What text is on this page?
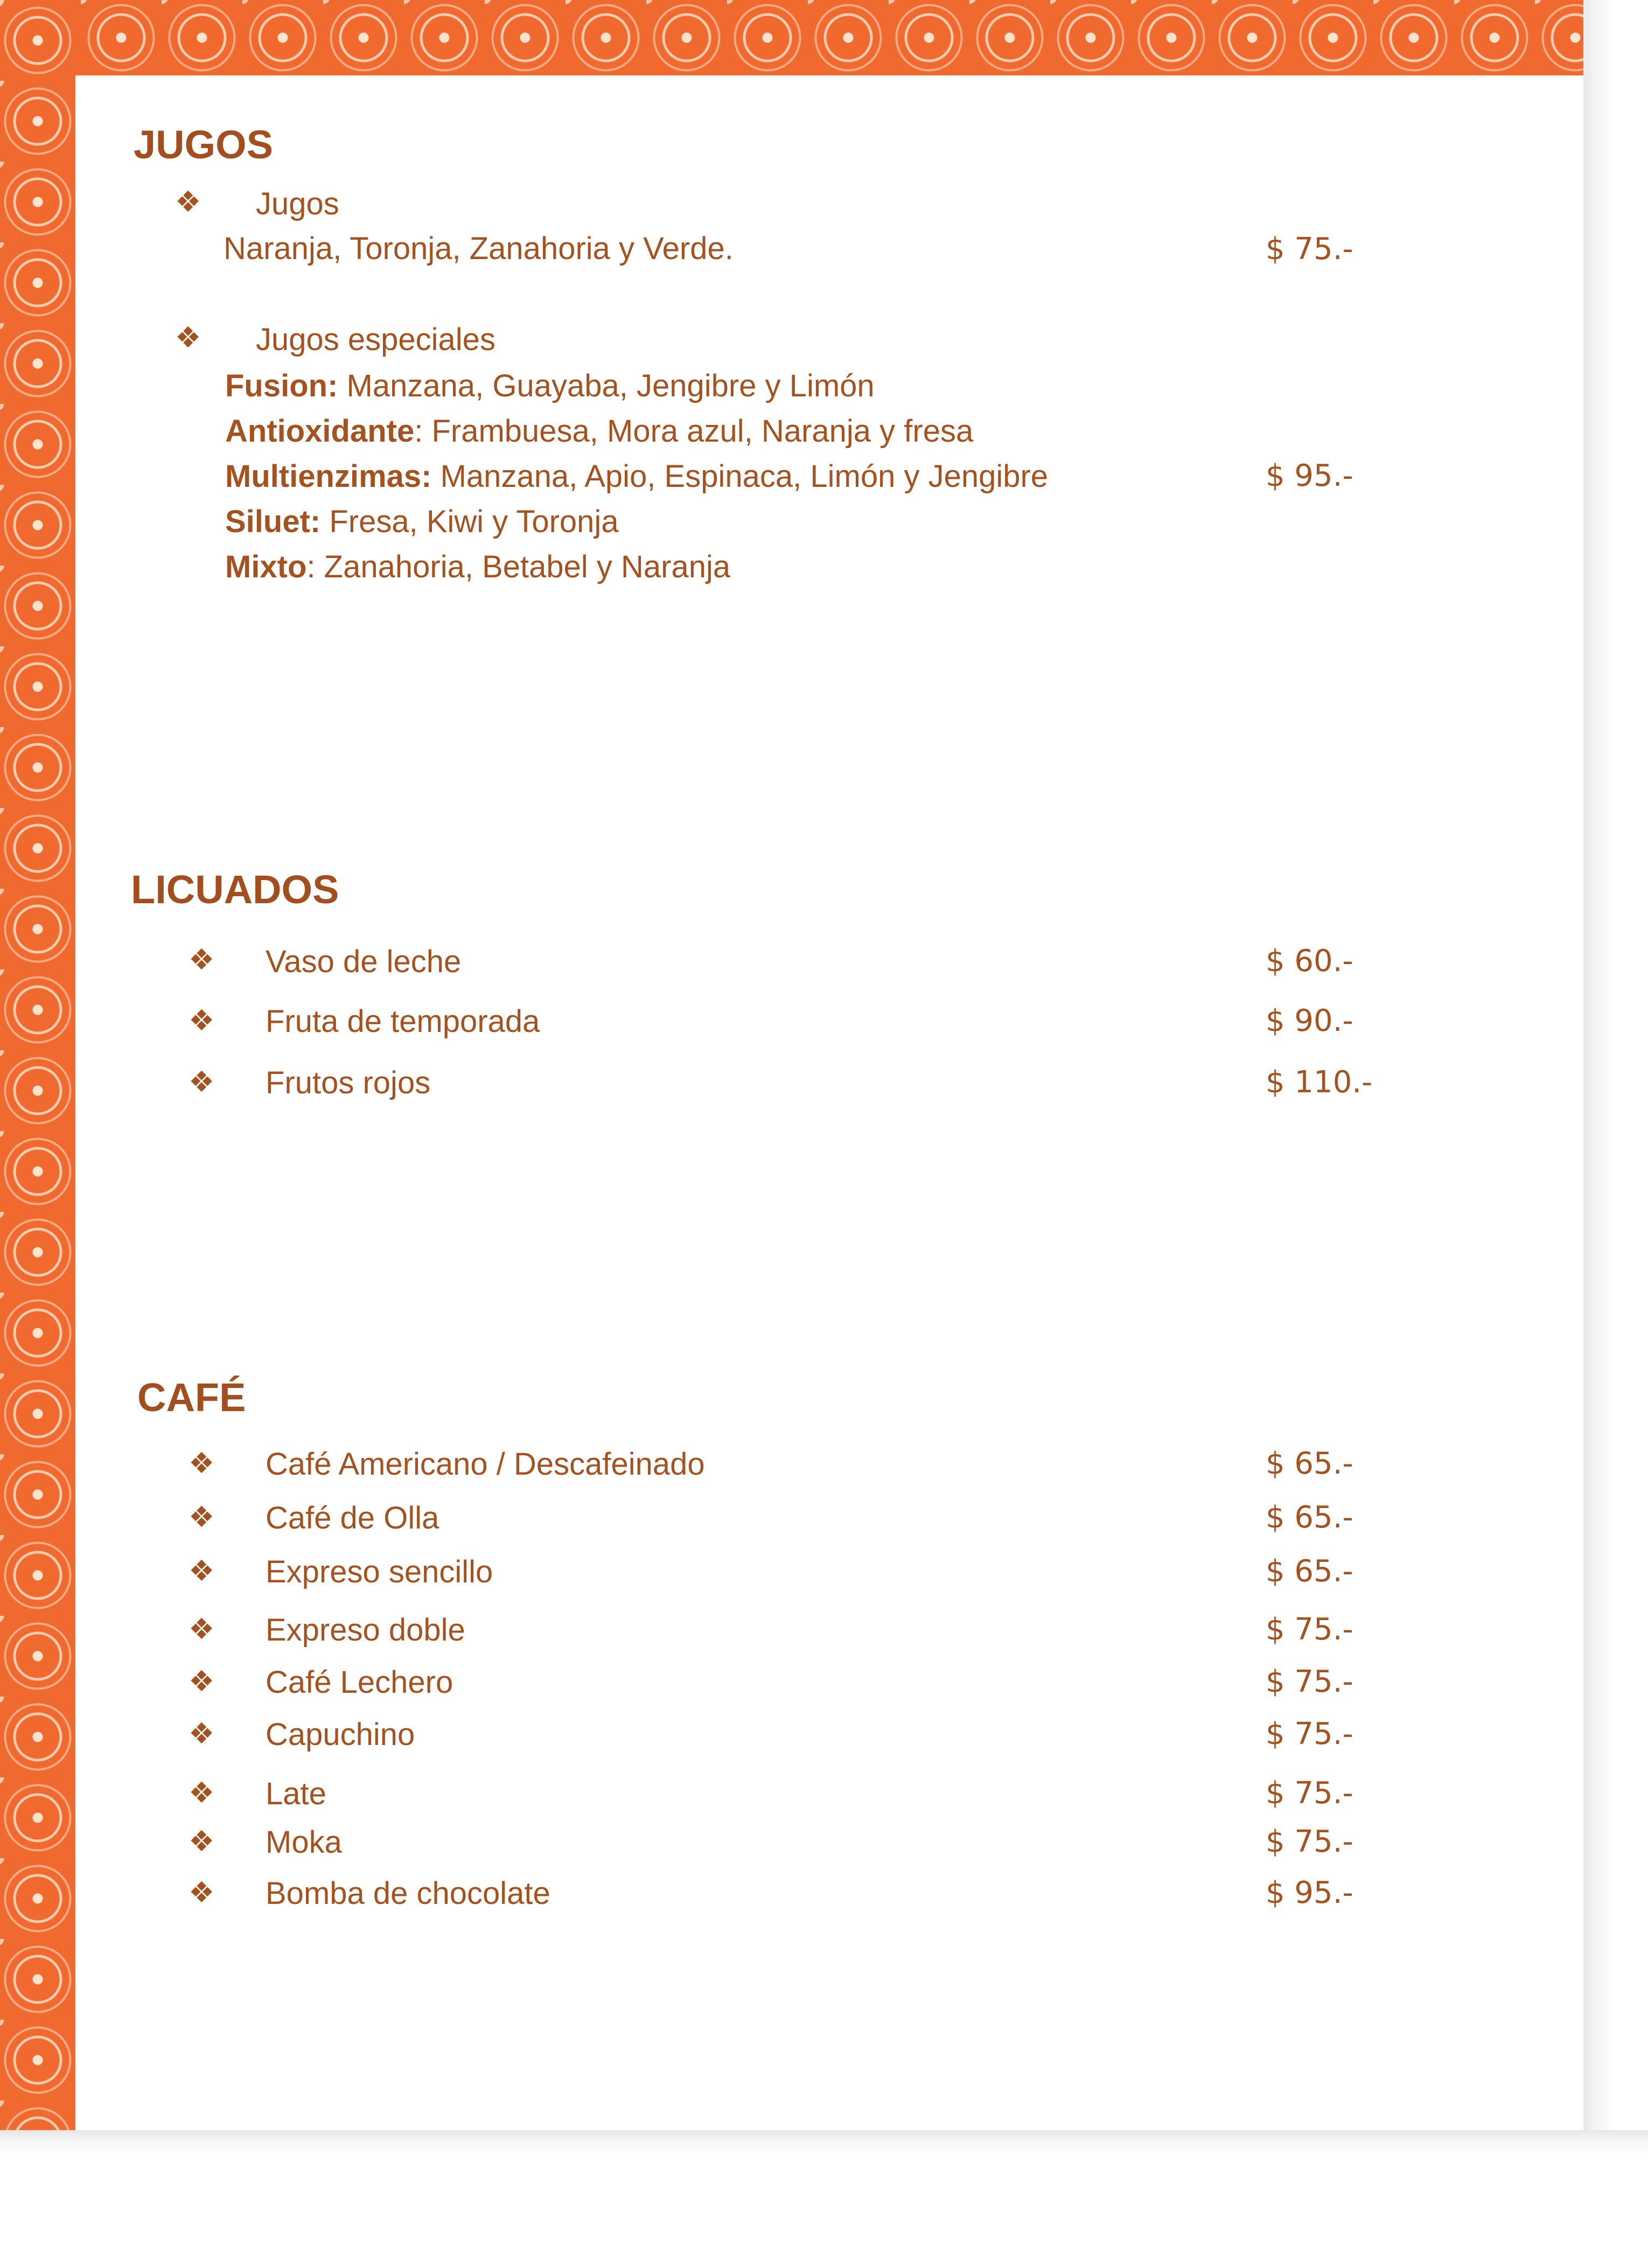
JUGOS
❖ Jugos
Naranja, Toronja, Zanahoria y Verde.	$ 75.-
❖ Jugos especiales
Fusion: Manzana, Guayaba, Jengibre y Limón
Antioxidante: Frambuesa, Mora azul, Naranja y fresa
Multienzimas: Manzana, Apio, Espinaca, Limón y Jengibre	$ 95.-
Siluet: Fresa, Kiwi y Toronja
Mixto: Zanahoria, Betabel y Naranja
LICUADOS
❖ Vaso de leche	$ 60.-
❖ Fruta de temporada	$ 90.-
❖ Frutos rojos	$ 110.-
CAFÉ
❖ Café Americano / Descafeinado	$ 65.-
❖ Café de Olla	$ 65.-
❖ Expreso sencillo	$ 65.-
❖ Expreso doble	$ 75.-
❖ Café Lechero	$ 75.-
❖ Capuchino	$ 75.-
❖ Late	$ 75.-
❖ Moka	$ 75.-
❖ Bomba de chocolate	$ 95.-
